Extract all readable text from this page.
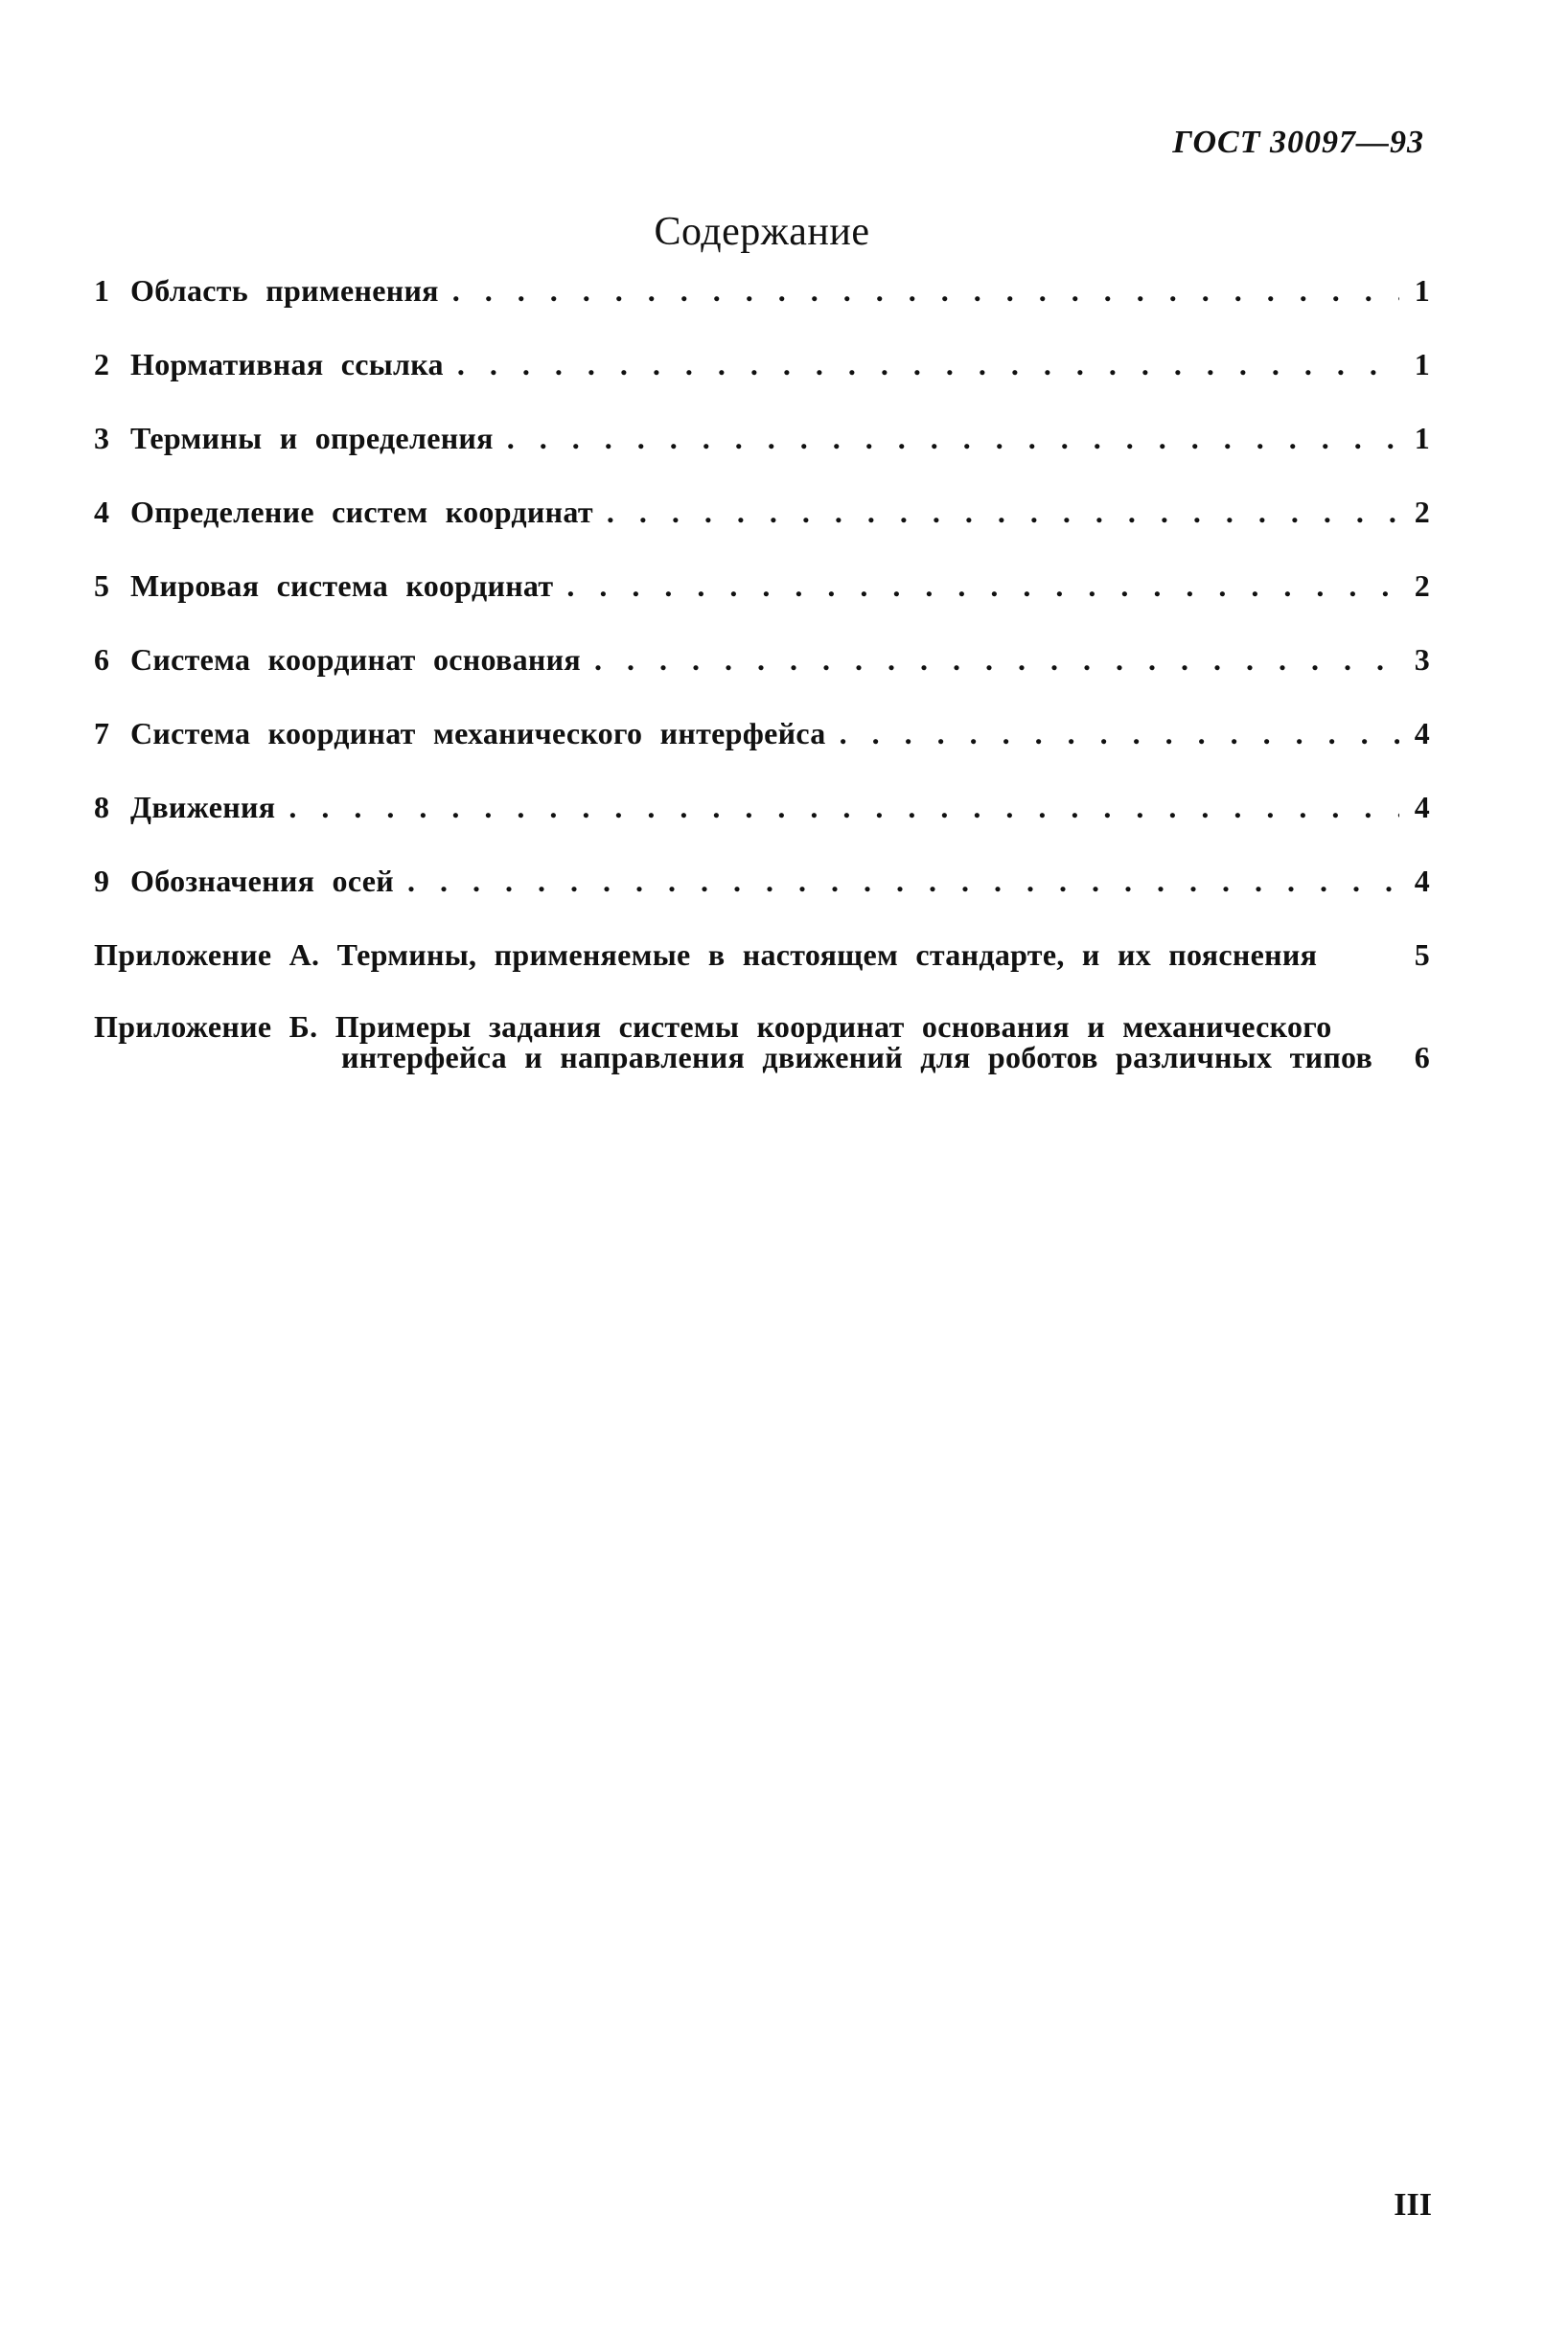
ГОСТ 30097—93
Содержание
1 Область применения . . .	1
2 Нормативная ссылка . . .	1
3 Термины и определения . . .	1
4 Определение систем координат . . .	2
5 Мировая система координат . . .	2
6 Система координат основания . . .	3
7 Система координат механического интерфейса . . .	4
8 Движения . . .	4
9 Обозначения осей . . .	4
Приложение А. Термины, применяемые в настоящем стандарте, и их пояснения	5
Приложение Б. Примеры задания системы координат основания и механического
интерфейса и направления движений для роботов различных типов	6
III
